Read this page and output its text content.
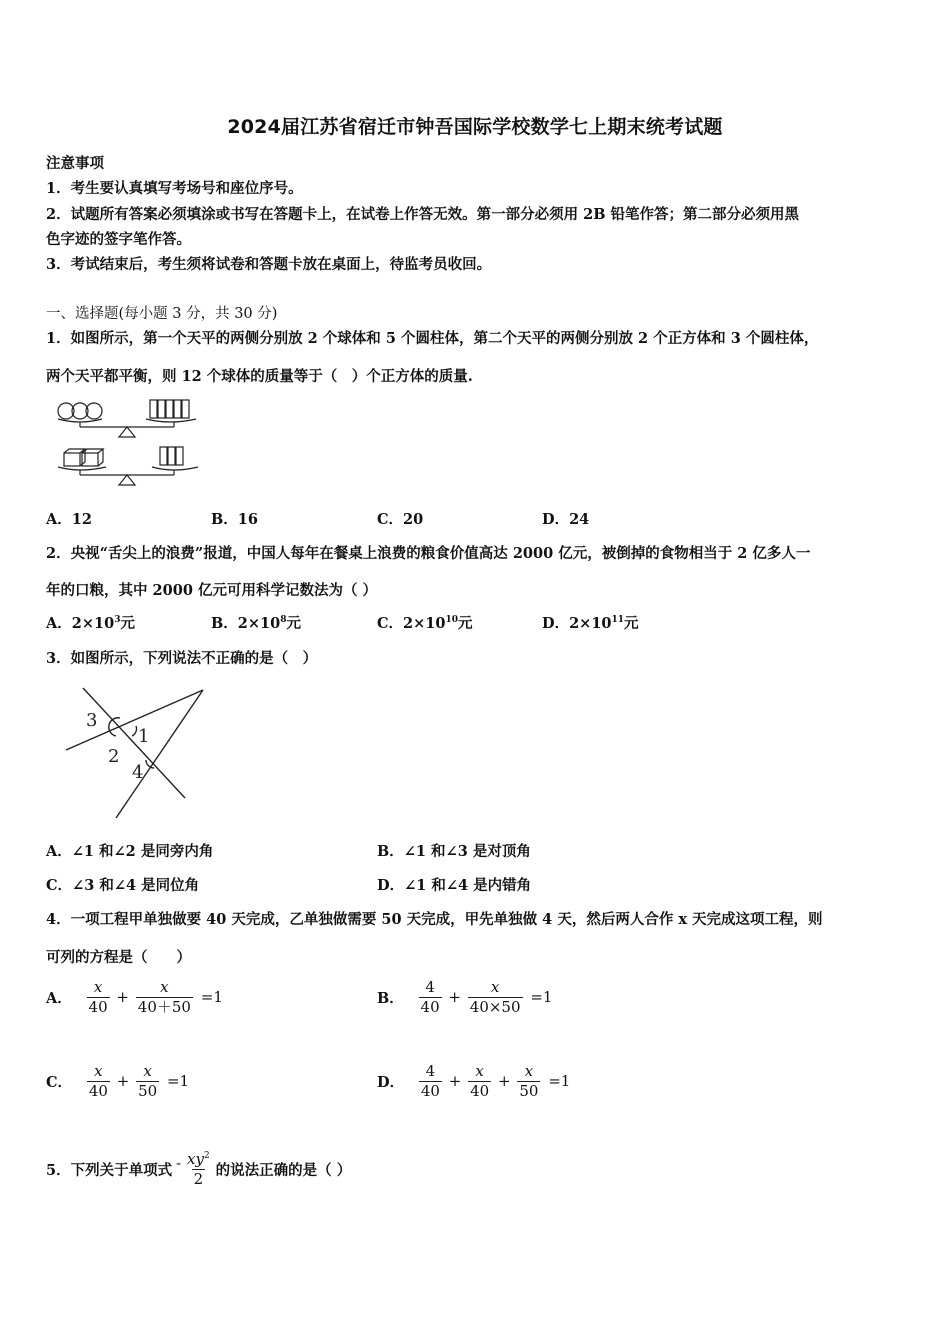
2024届江苏省宿迁市钟吾国际学校数学七上期末统考试题
注意事项
1．考生要认真填写考场号和座位序号。
2．试题所有答案必须填涂或书写在答题卡上，在试卷上作答无效。第一部分必须用 2B 铅笔作答；第二部分必须用黑
色字迹的签字笔作答。
3．考试结束后，考生须将试卷和答题卡放在桌面上，待监考员收回。
一、选择题(每小题 3 分，共 30 分)
1．如图所示，第一个天平的两侧分别放 2 个球体和 5 个圆柱体，第二个天平的两侧分别放 2 个正方体和 3 个圆柱体，
两个天平都平衡，则 12 个球体的质量等于（　）个正方体的质量.
A．12	B．16	C．20	D．24
2．央视“舌尖上的浪费”报道，中国人每年在餐桌上浪费的粮食价值高达 2000 亿元，被倒掉的食物相当于 2 亿多人一
年的口粮，其中 2000 亿元可用科学记数法为（ ）
A．$2\times 10^3$元	B．$2\times 10^8$元	C．$2\times 10^{10}$元	D．$2\times 10^{11}$元
3．如图所示，下列说法不正确的是（　）
3
2
1
4
A．∠1 和∠2 是同旁内角	B．∠1 和∠3 是对顶角
C．∠3 和∠4 是同位角	D．∠1 和∠4 是内错角
4．一项工程甲单独做要 40 天完成，乙单独做需要 50 天完成，甲先单独做 4 天，然后两人合作 x 天完成这项工程，则
可列的方程是（　　）
A． $\frac{x}{40} + \frac{x}{40+50} =1$	B． $\frac{4}{40} + \frac{x}{40\times 50} =1$
C． $\frac{x}{40} + \frac{x}{50} =1$	D． $\frac{4}{40} + \frac{x}{40} + \frac{x}{50} =1$
5．下列关于单项式 - $\frac{xy^2}{2}$ 的说法正确的是（ ）
